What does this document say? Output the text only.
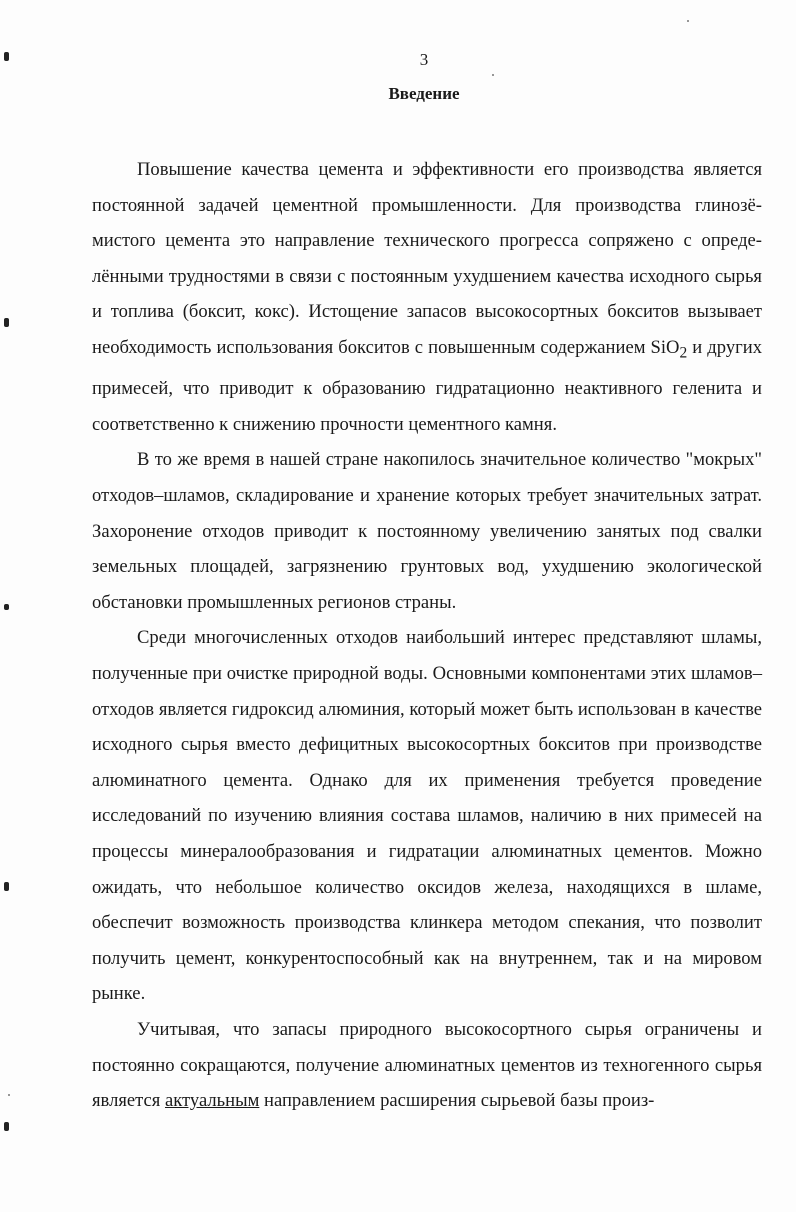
3
Введение

Повышение качества цемента и эффективности его производства является постоянной задачей цементной промышленности. Для производства глинозёмистого цемента это направление технического прогресса сопряжено с определёнными трудностями в связи с постоянным ухудшением качества исходного сырья и топлива (боксит, кокс). Истощение запасов высокосортных бокситов вызывает необходимость использования бокситов с повышенным содержанием SiO$_2$ и других примесей, что приводит к образованию гидратационно неактивного геленита и соответственно к снижению прочности цементного камня.

В то же время в нашей стране накопилось значительное количество "мокрых" отходов–шламов, складирование и хранение которых требует значительных затрат. Захоронение отходов приводит к постоянному увеличению занятых под свалки земельных площадей, загрязнению грунтовых вод, ухудшению экологической обстановки промышленных регионов страны.

Среди многочисленных отходов наибольший интерес представляют шламы, полученные при очистке природной воды. Основными компонентами этих шламов–отходов является гидроксид алюминия, который может быть использован в качестве исходного сырья вместо дефицитных высокосортных бокситов при производстве алюминатного цемента. Однако для их применения требуется проведение исследований по изучению влияния состава шламов, наличию в них примесей на процессы минералообразования и гидратации алюминатных цементов. Можно ожидать, что небольшое количество оксидов железа, находящихся в шламе, обеспечит возможность производства клинкера методом спекания, что позволит получить цемент, конкурентоспособный как на внутреннем, так и на мировом рынке.

Учитывая, что запасы природного высокосортного сырья ограничены и постоянно сокращаются, получение алюминатных цементов из техногенного сырья является актуальным направлением расширения сырьевой базы произ-
